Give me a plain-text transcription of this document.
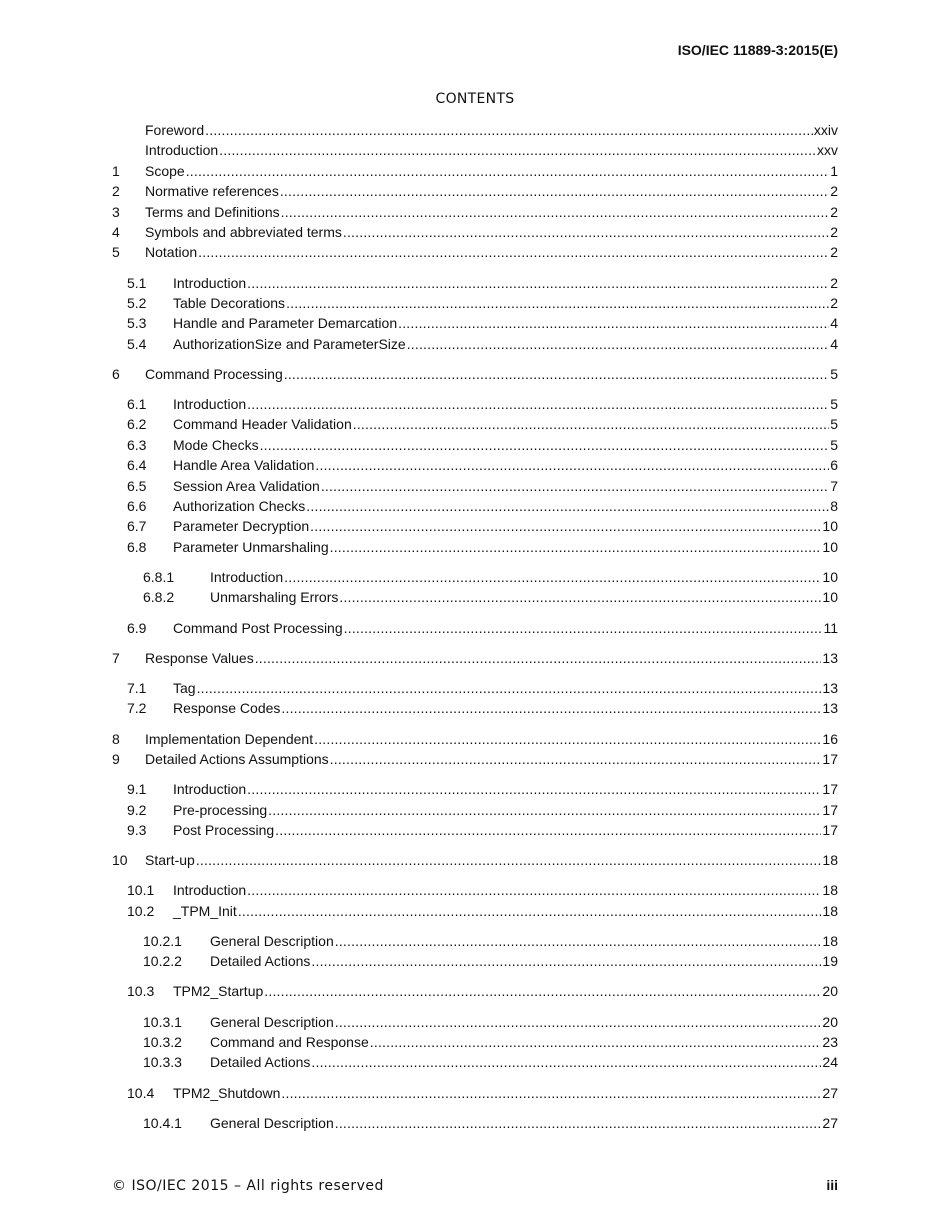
ISO/IEC 11889-3:2015(E)
CONTENTS
Foreword .....	xxiv
Introduction .....	xxv
1	Scope .....	1
2	Normative references .....	2
3	Terms and Definitions .....	2
4	Symbols and abbreviated terms .....	2
5	Notation .....	2
5.1	Introduction .....	2
5.2	Table Decorations .....	2
5.3	Handle and Parameter Demarcation .....	4
5.4	AuthorizationSize and ParameterSize .....	4
6	Command Processing .....	5
6.1	Introduction .....	5
6.2	Command Header Validation .....	5
6.3	Mode Checks .....	5
6.4	Handle Area Validation .....	6
6.5	Session Area Validation .....	7
6.6	Authorization Checks .....	8
6.7	Parameter Decryption .....	10
6.8	Parameter Unmarshaling .....	10
6.8.1	Introduction .....	10
6.8.2	Unmarshaling Errors .....	10
6.9	Command Post Processing .....	11
7	Response Values .....	13
7.1	Tag .....	13
7.2	Response Codes .....	13
8	Implementation Dependent .....	16
9	Detailed Actions Assumptions .....	17
9.1	Introduction .....	17
9.2	Pre-processing .....	17
9.3	Post Processing .....	17
10	Start-up .....	18
10.1	Introduction .....	18
10.2	_TPM_Init .....	18
10.2.1	General Description .....	18
10.2.2	Detailed Actions .....	19
10.3	TPM2_Startup .....	20
10.3.1	General Description .....	20
10.3.2	Command and Response .....	23
10.3.3	Detailed Actions .....	24
10.4	TPM2_Shutdown .....	27
10.4.1	General Description .....	27
© ISO/IEC 2015 – All rights reserved	iii
